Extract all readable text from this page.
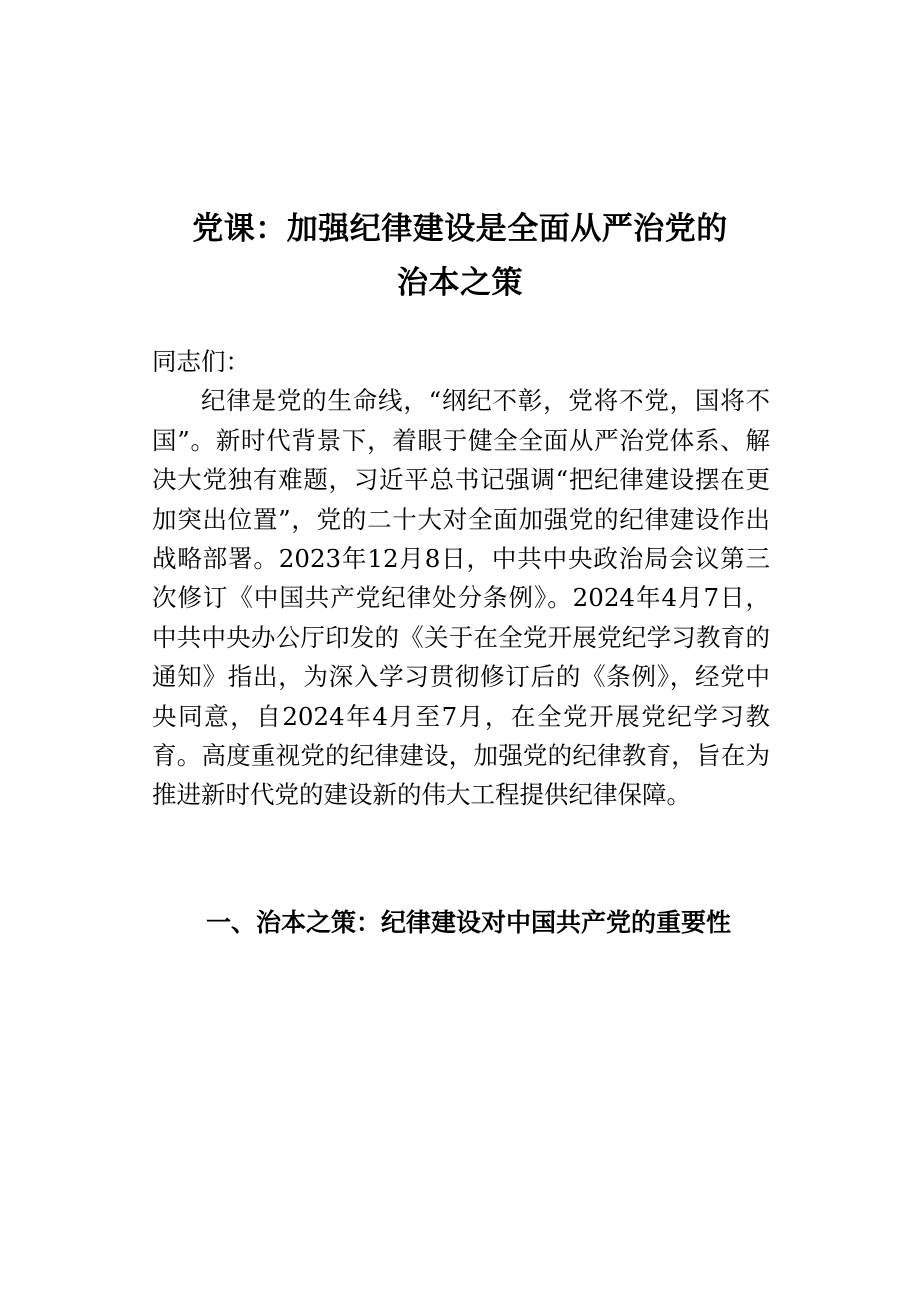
党课：加强纪律建设是全面从严治党的
治本之策

同志们：

纪律是党的生命线，“纲纪不彰，党将不党，国将不国”。新时代背景下，着眼于健全全面从严治党体系、解决大党独有难题，习近平总书记强调“把纪律建设摆在更加突出位置”，党的二十大对全面加强党的纪律建设作出战略部署。2023年12月8日，中共中央政治局会议第三次修订《中国共产党纪律处分条例》。2024年4月7日，中共中央办公厅印发的《关于在全党开展党纪学习教育的通知》指出，为深入学习贯彻修订后的《条例》，经党中央同意，自2024年4月至7月，在全党开展党纪学习教育。高度重视党的纪律建设，加强党的纪律教育，旨在为推进新时代党的建设新的伟大工程提供纪律保障。

一、治本之策：纪律建设对中国共产党的重要性
